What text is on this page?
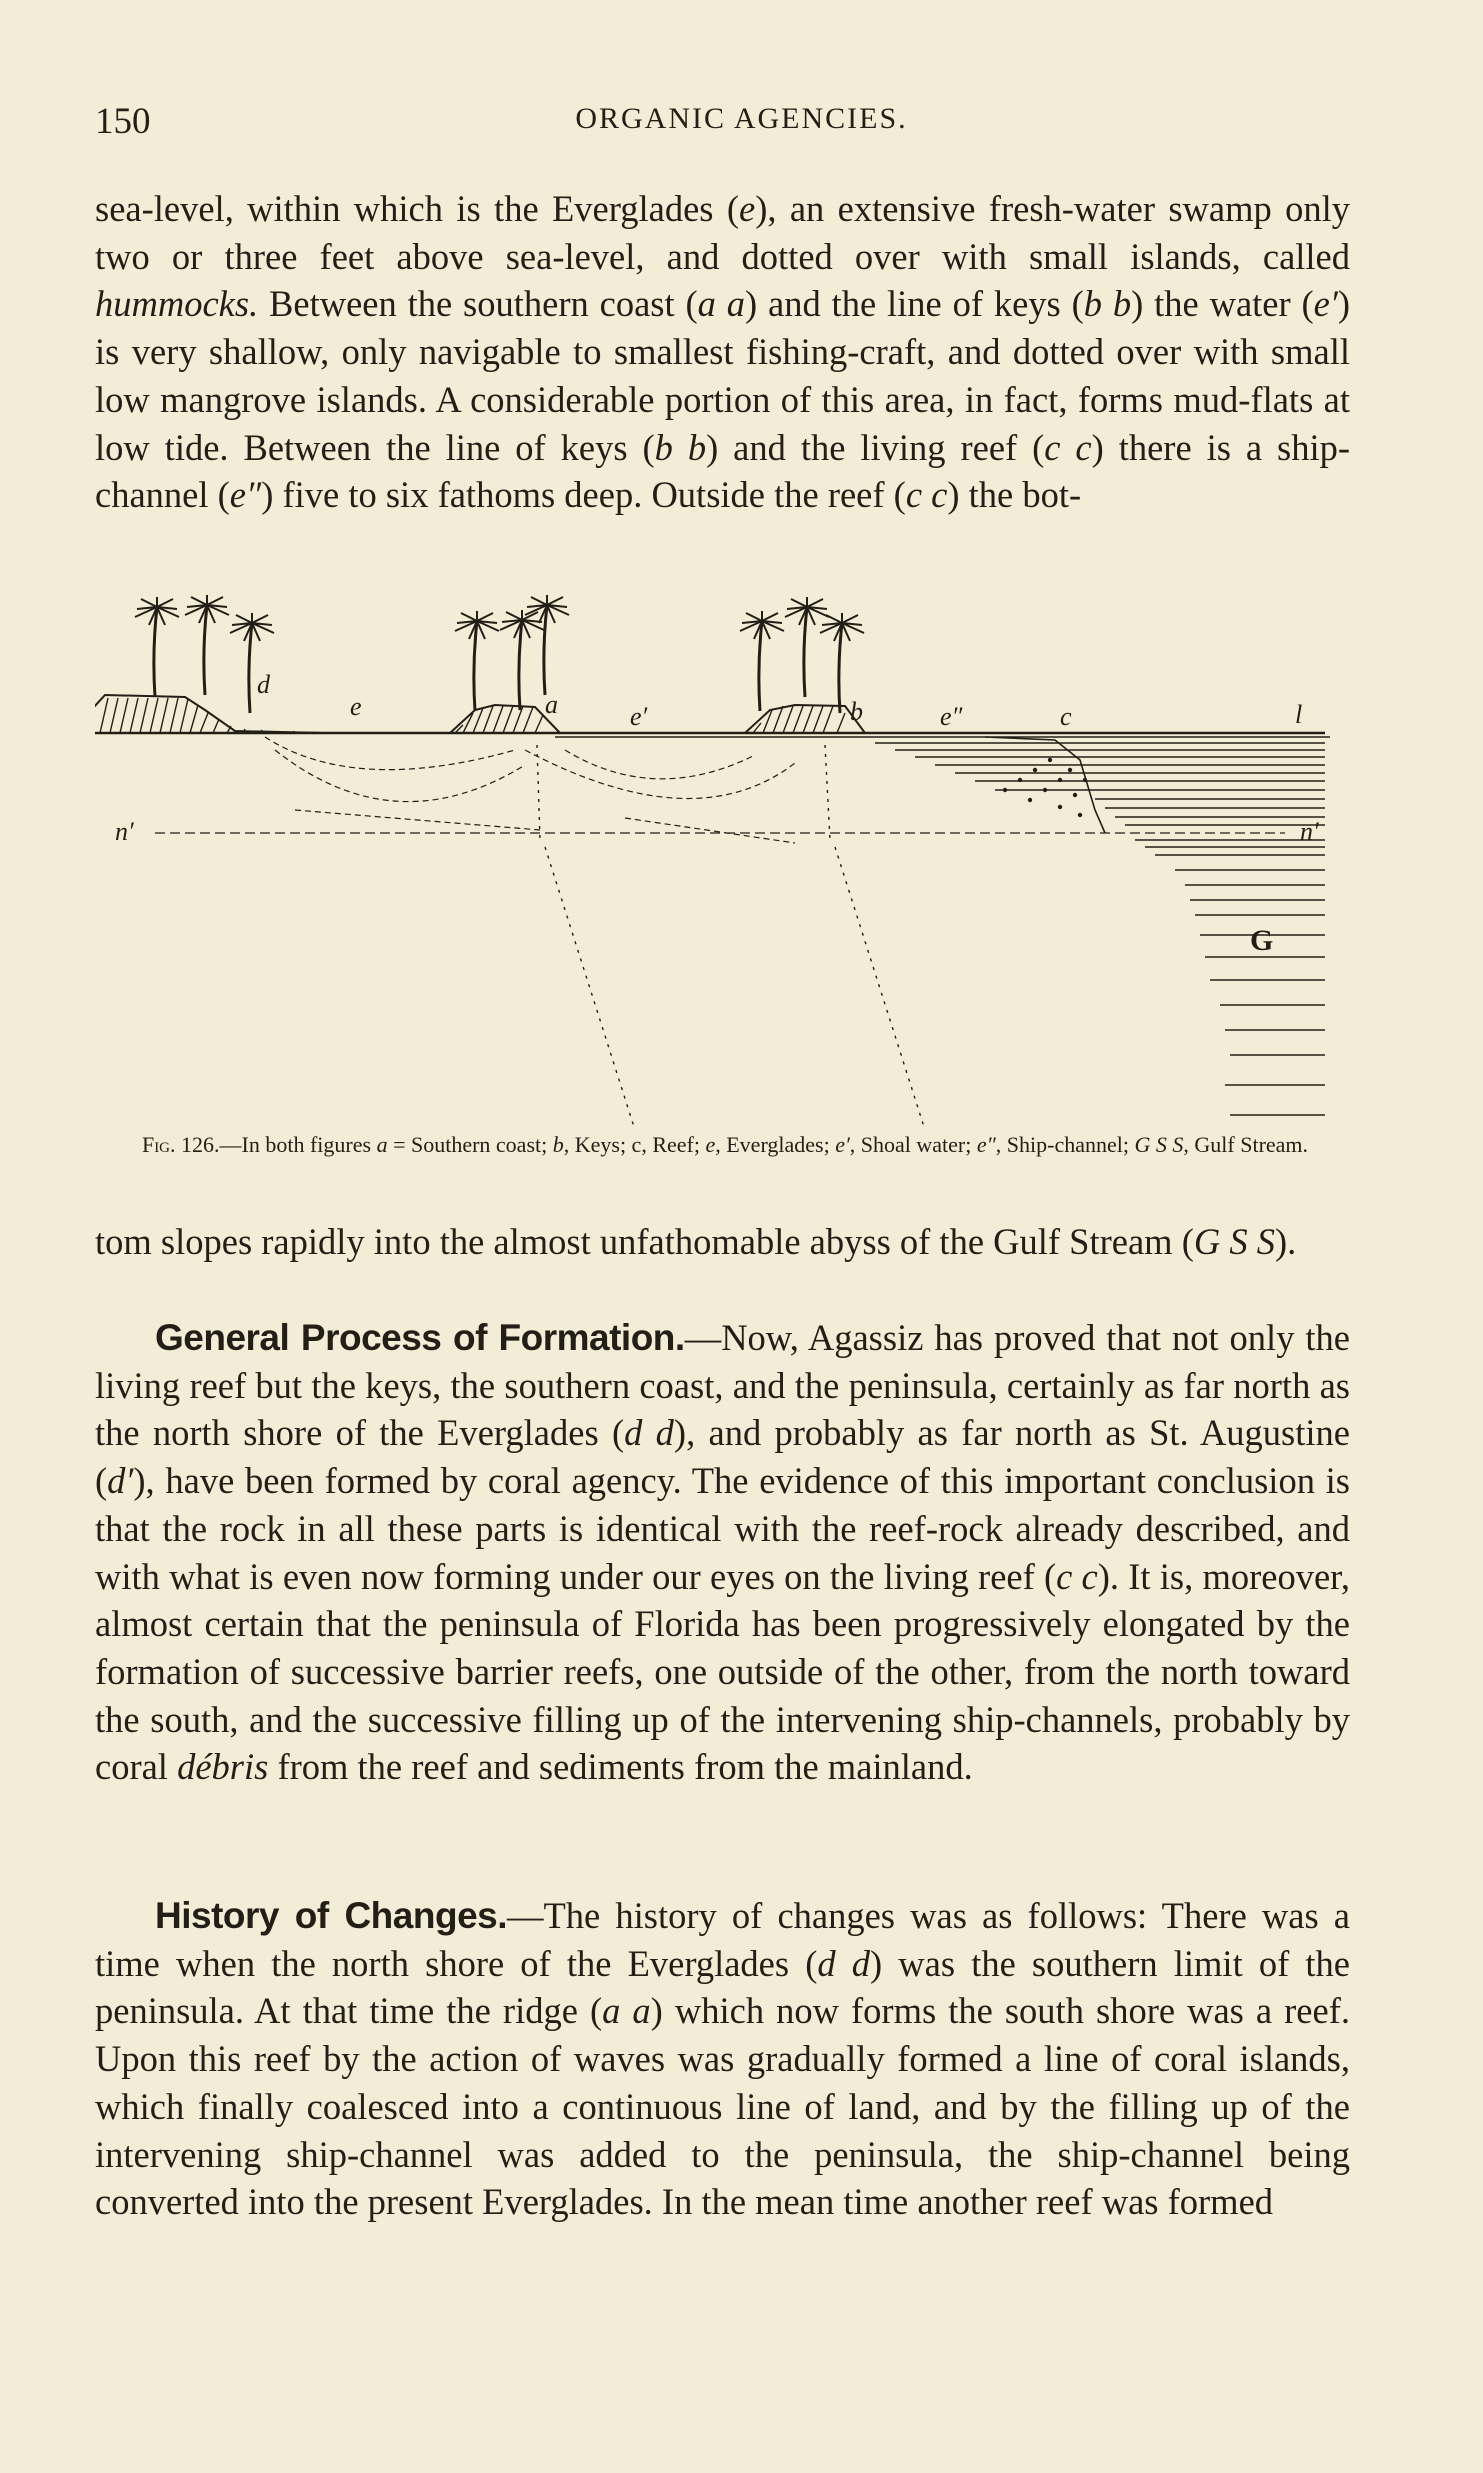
150	ORGANIC AGENCIES.

sea-level, within which is the Everglades (e), an extensive fresh-water swamp only two or three feet above sea-level, and dotted over with small islands, called hummocks. Between the southern coast (a a) and the line of keys (b b) the water (e′) is very shallow, only navigable to smallest fishing-craft, and dotted over with small low mangrove islands. A considerable portion of this area, in fact, forms mud-flats at low tide. Between the line of keys (b b) and the living reef (c c) there is a ship-channel (e″) five to six fathoms deep. Outside the reef (c c) the bot-

d
e	a	e′	b	e″	c	l
n′	n′
G
Fig. 126.—In both figures a = Southern coast; b, Keys; c, Reef; e, Everglades; e′, Shoal water; e″, Ship-channel; G S S, Gulf Stream.

tom slopes rapidly into the almost unfathomable abyss of the Gulf Stream (G S S).

General Process of Formation.—Now, Agassiz has proved that not only the living reef but the keys, the southern coast, and the peninsula, certainly as far north as the north shore of the Everglades (d d), and probably as far north as St. Augustine (d′), have been formed by coral agency. The evidence of this important conclusion is that the rock in all these parts is identical with the reef-rock already described, and with what is even now forming under our eyes on the living reef (c c). It is, moreover, almost certain that the peninsula of Florida has been progressively elongated by the formation of successive barrier reefs, one outside of the other, from the north toward the south, and the successive filling up of the intervening ship-channels, probably by coral débris from the reef and sediments from the mainland.

History of Changes.—The history of changes was as follows: There was a time when the north shore of the Everglades (d d) was the southern limit of the peninsula. At that time the ridge (a a) which now forms the south shore was a reef. Upon this reef by the action of waves was gradually formed a line of coral islands, which finally coalesced into a continuous line of land, and by the filling up of the intervening ship-channel was added to the peninsula, the ship-channel being converted into the present Everglades. In the mean time another reef was formed
